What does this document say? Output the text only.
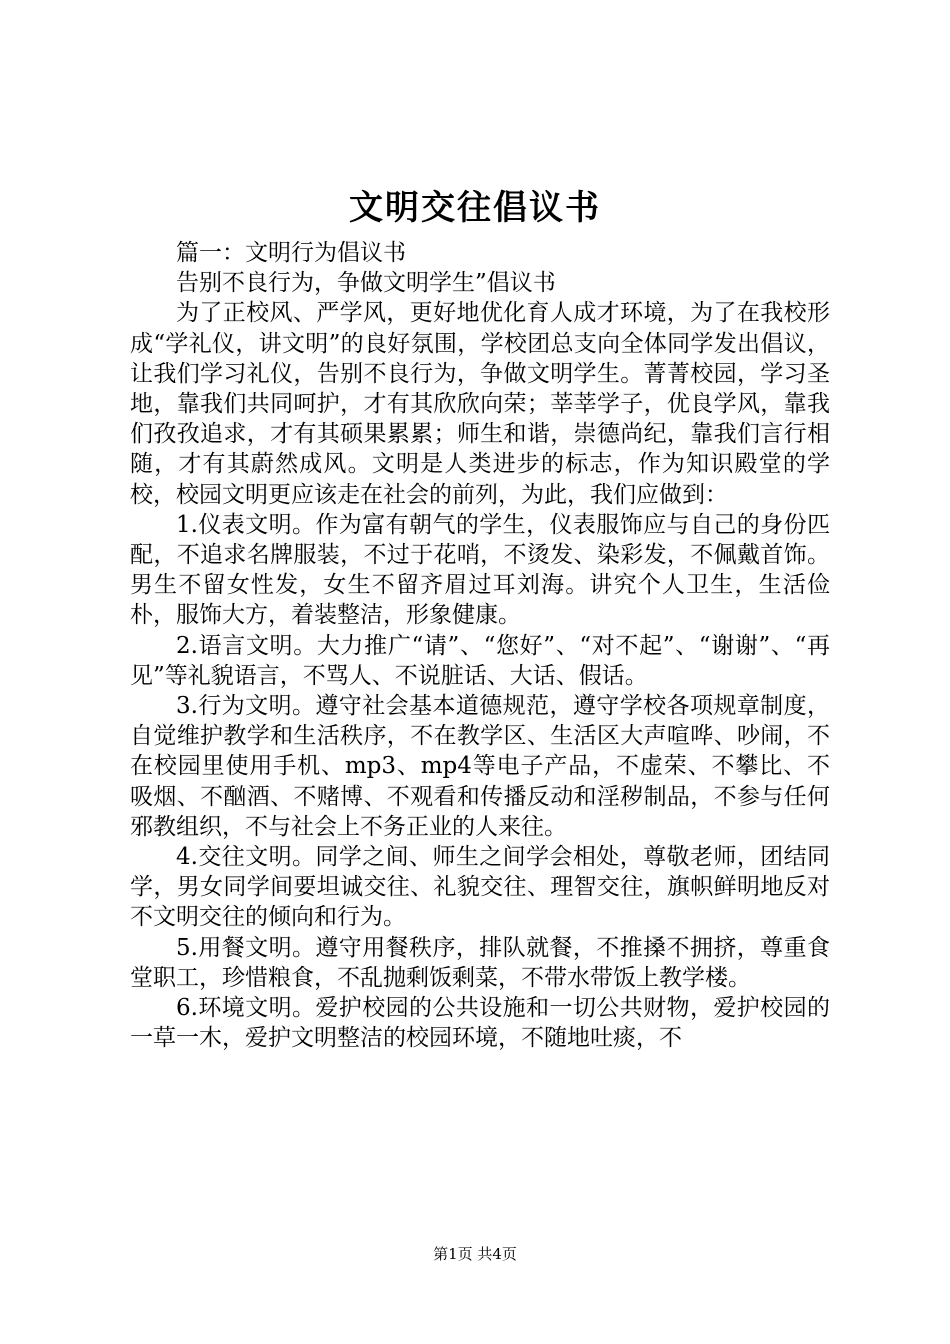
文明交往倡议书

篇一：文明行为倡议书

告别不良行为，争做文明学生”倡议书

为了正校风、严学风，更好地优化育人成才环境，为了在我校形成“学礼仪，讲文明”的良好氛围，学校团总支向全体同学发出倡议，让我们学习礼仪，告别不良行为，争做文明学生。菁菁校园，学习圣地，靠我们共同呵护，才有其欣欣向荣；莘莘学子，优良学风，靠我们孜孜追求，才有其硕果累累；师生和谐，崇德尚纪，靠我们言行相随，才有其蔚然成风。文明是人类进步的标志，作为知识殿堂的学校，校园文明更应该走在社会的前列，为此，我们应做到：

1.仪表文明。作为富有朝气的学生，仪表服饰应与自己的身份匹配，不追求名牌服装，不过于花哨，不烫发、染彩发，不佩戴首饰。男生不留女性发，女生不留齐眉过耳刘海。讲究个人卫生，生活俭朴，服饰大方，着装整洁，形象健康。

2.语言文明。大力推广“请”、“您好”、“对不起”、“谢谢”、“再见”等礼貌语言，不骂人、不说脏话、大话、假话。

3.行为文明。遵守社会基本道德规范，遵守学校各项规章制度，自觉维护教学和生活秩序，不在教学区、生活区大声喧哗、吵闹，不在校园里使用手机、mp3、mp4等电子产品，不虚荣、不攀比、不吸烟、不酗酒、不赌博、不观看和传播反动和淫秽制品，不参与任何邪教组织，不与社会上不务正业的人来往。

4.交往文明。同学之间、师生之间学会相处，尊敬老师，团结同学，男女同学间要坦诚交往、礼貌交往、理智交往，旗帜鲜明地反对不文明交往的倾向和行为。

5.用餐文明。遵守用餐秩序，排队就餐，不推搡不拥挤，尊重食堂职工，珍惜粮食，不乱抛剩饭剩菜，不带水带饭上教学楼。

6.环境文明。爱护校园的公共设施和一切公共财物，爱护校园的一草一木，爱护文明整洁的校园环境，不随地吐痰，不

第1页 共4页
